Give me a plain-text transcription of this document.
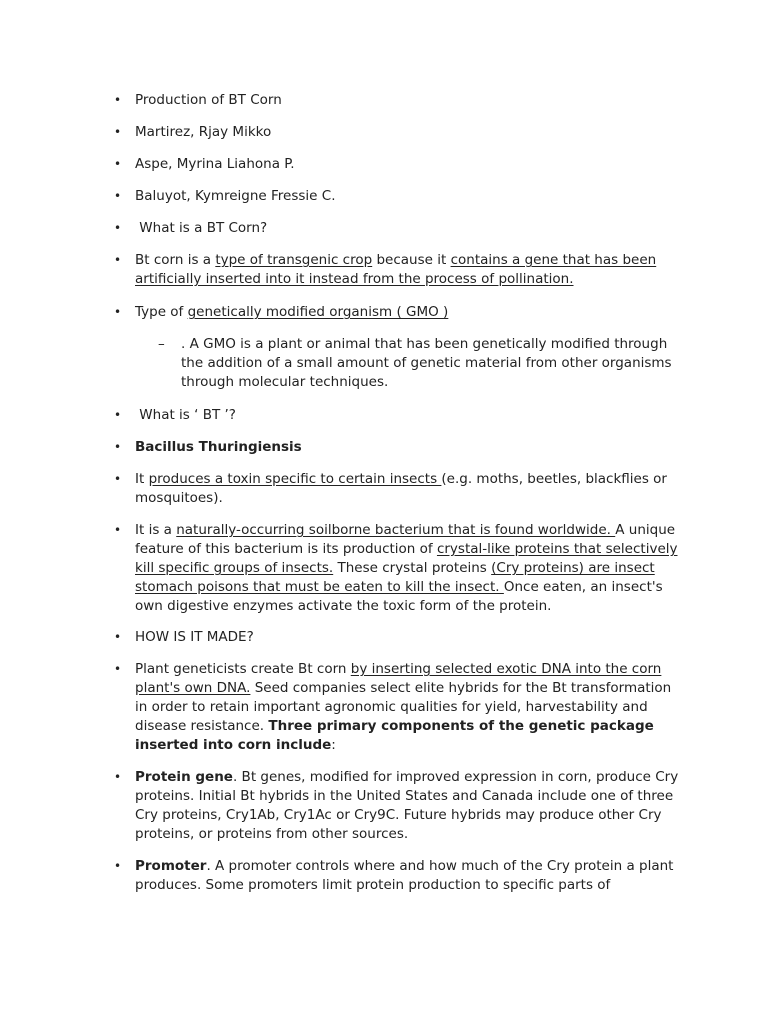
•	Production of BT Corn
•	Martirez, Rjay Mikko
•	Aspe, Myrina Liahona P.
•	Baluyot, Kymreigne Fressie C.
•	What is a BT Corn?
•	Bt corn is a type of transgenic crop because it contains a gene that has been artificially inserted into it instead from the process of pollination.
•	Type of genetically modified organism ( GMO )
– . A GMO is a plant or animal that has been genetically modified through the addition of a small amount of genetic material from other organisms through molecular techniques.
•	What is ‘ BT ’?
•	Bacillus Thuringiensis
•	It produces a toxin specific to certain insects (e.g. moths, beetles, blackflies or mosquitoes).
•	It is a naturally-occurring soilborne bacterium that is found worldwide. A unique feature of this bacterium is its production of crystal-like proteins that selectively kill specific groups of insects. These crystal proteins (Cry proteins) are insect stomach poisons that must be eaten to kill the insect. Once eaten, an insect's own digestive enzymes activate the toxic form of the protein.
•	HOW IS IT MADE?
•	Plant geneticists create Bt corn by inserting selected exotic DNA into the corn plant's own DNA. Seed companies select elite hybrids for the Bt transformation in order to retain important agronomic qualities for yield, harvestability and disease resistance. Three primary components of the genetic package inserted into corn include:
•	Protein gene. Bt genes, modified for improved expression in corn, produce Cry proteins. Initial Bt hybrids in the United States and Canada include one of three Cry proteins, Cry1Ab, Cry1Ac or Cry9C. Future hybrids may produce other Cry proteins, or proteins from other sources.
•	Promoter. A promoter controls where and how much of the Cry protein a plant produces. Some promoters limit protein production to specific parts of
